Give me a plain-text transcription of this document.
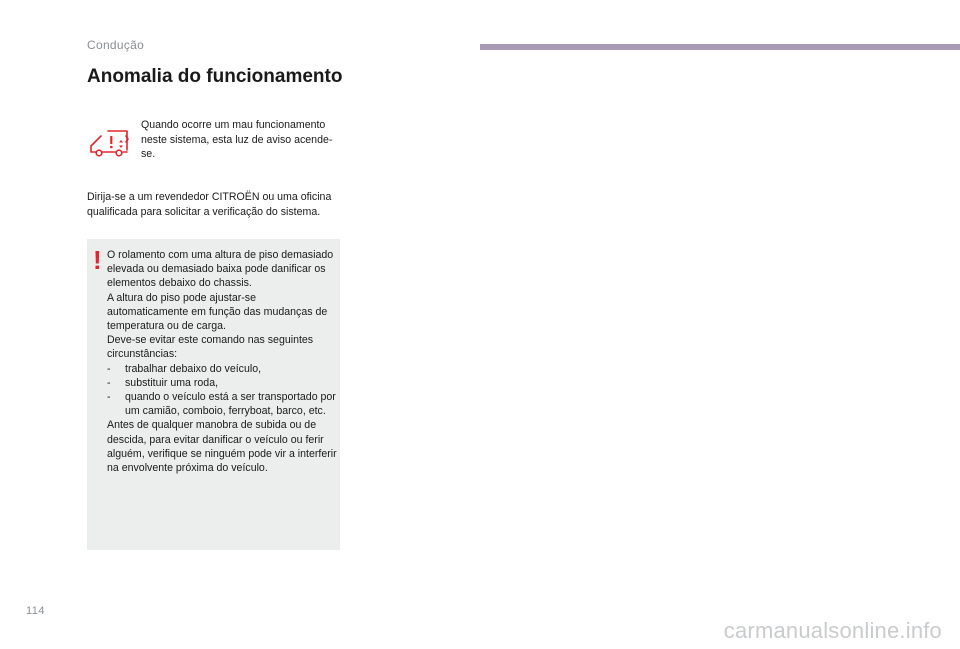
Condução
Anomalia do funcionamento
Quando ocorre um mau funcionamento neste sistema, esta luz de aviso acende-se.
Dirija-se a um revendedor CITROËN ou uma oficina qualificada para solicitar a verificação do sistema.
! O rolamento com uma altura de piso demasiado elevada ou demasiado baixa pode danificar os elementos debaixo do chassis.

A altura do piso pode ajustar-se automaticamente em função das mudanças de temperatura ou de carga.

Deve-se evitar este comando nas seguintes circunstâncias:

- trabalhar debaixo do veículo,
- substituir uma roda,
- quando o veículo está a ser transportado por um camião, comboio, ferryboat, barco, etc.

Antes de qualquer manobra de subida ou de descida, para evitar danificar o veículo ou ferir alguém, verifique se ninguém pode vir a interferir na envolvente próxima do veículo.

114
carmanualsonline.info
